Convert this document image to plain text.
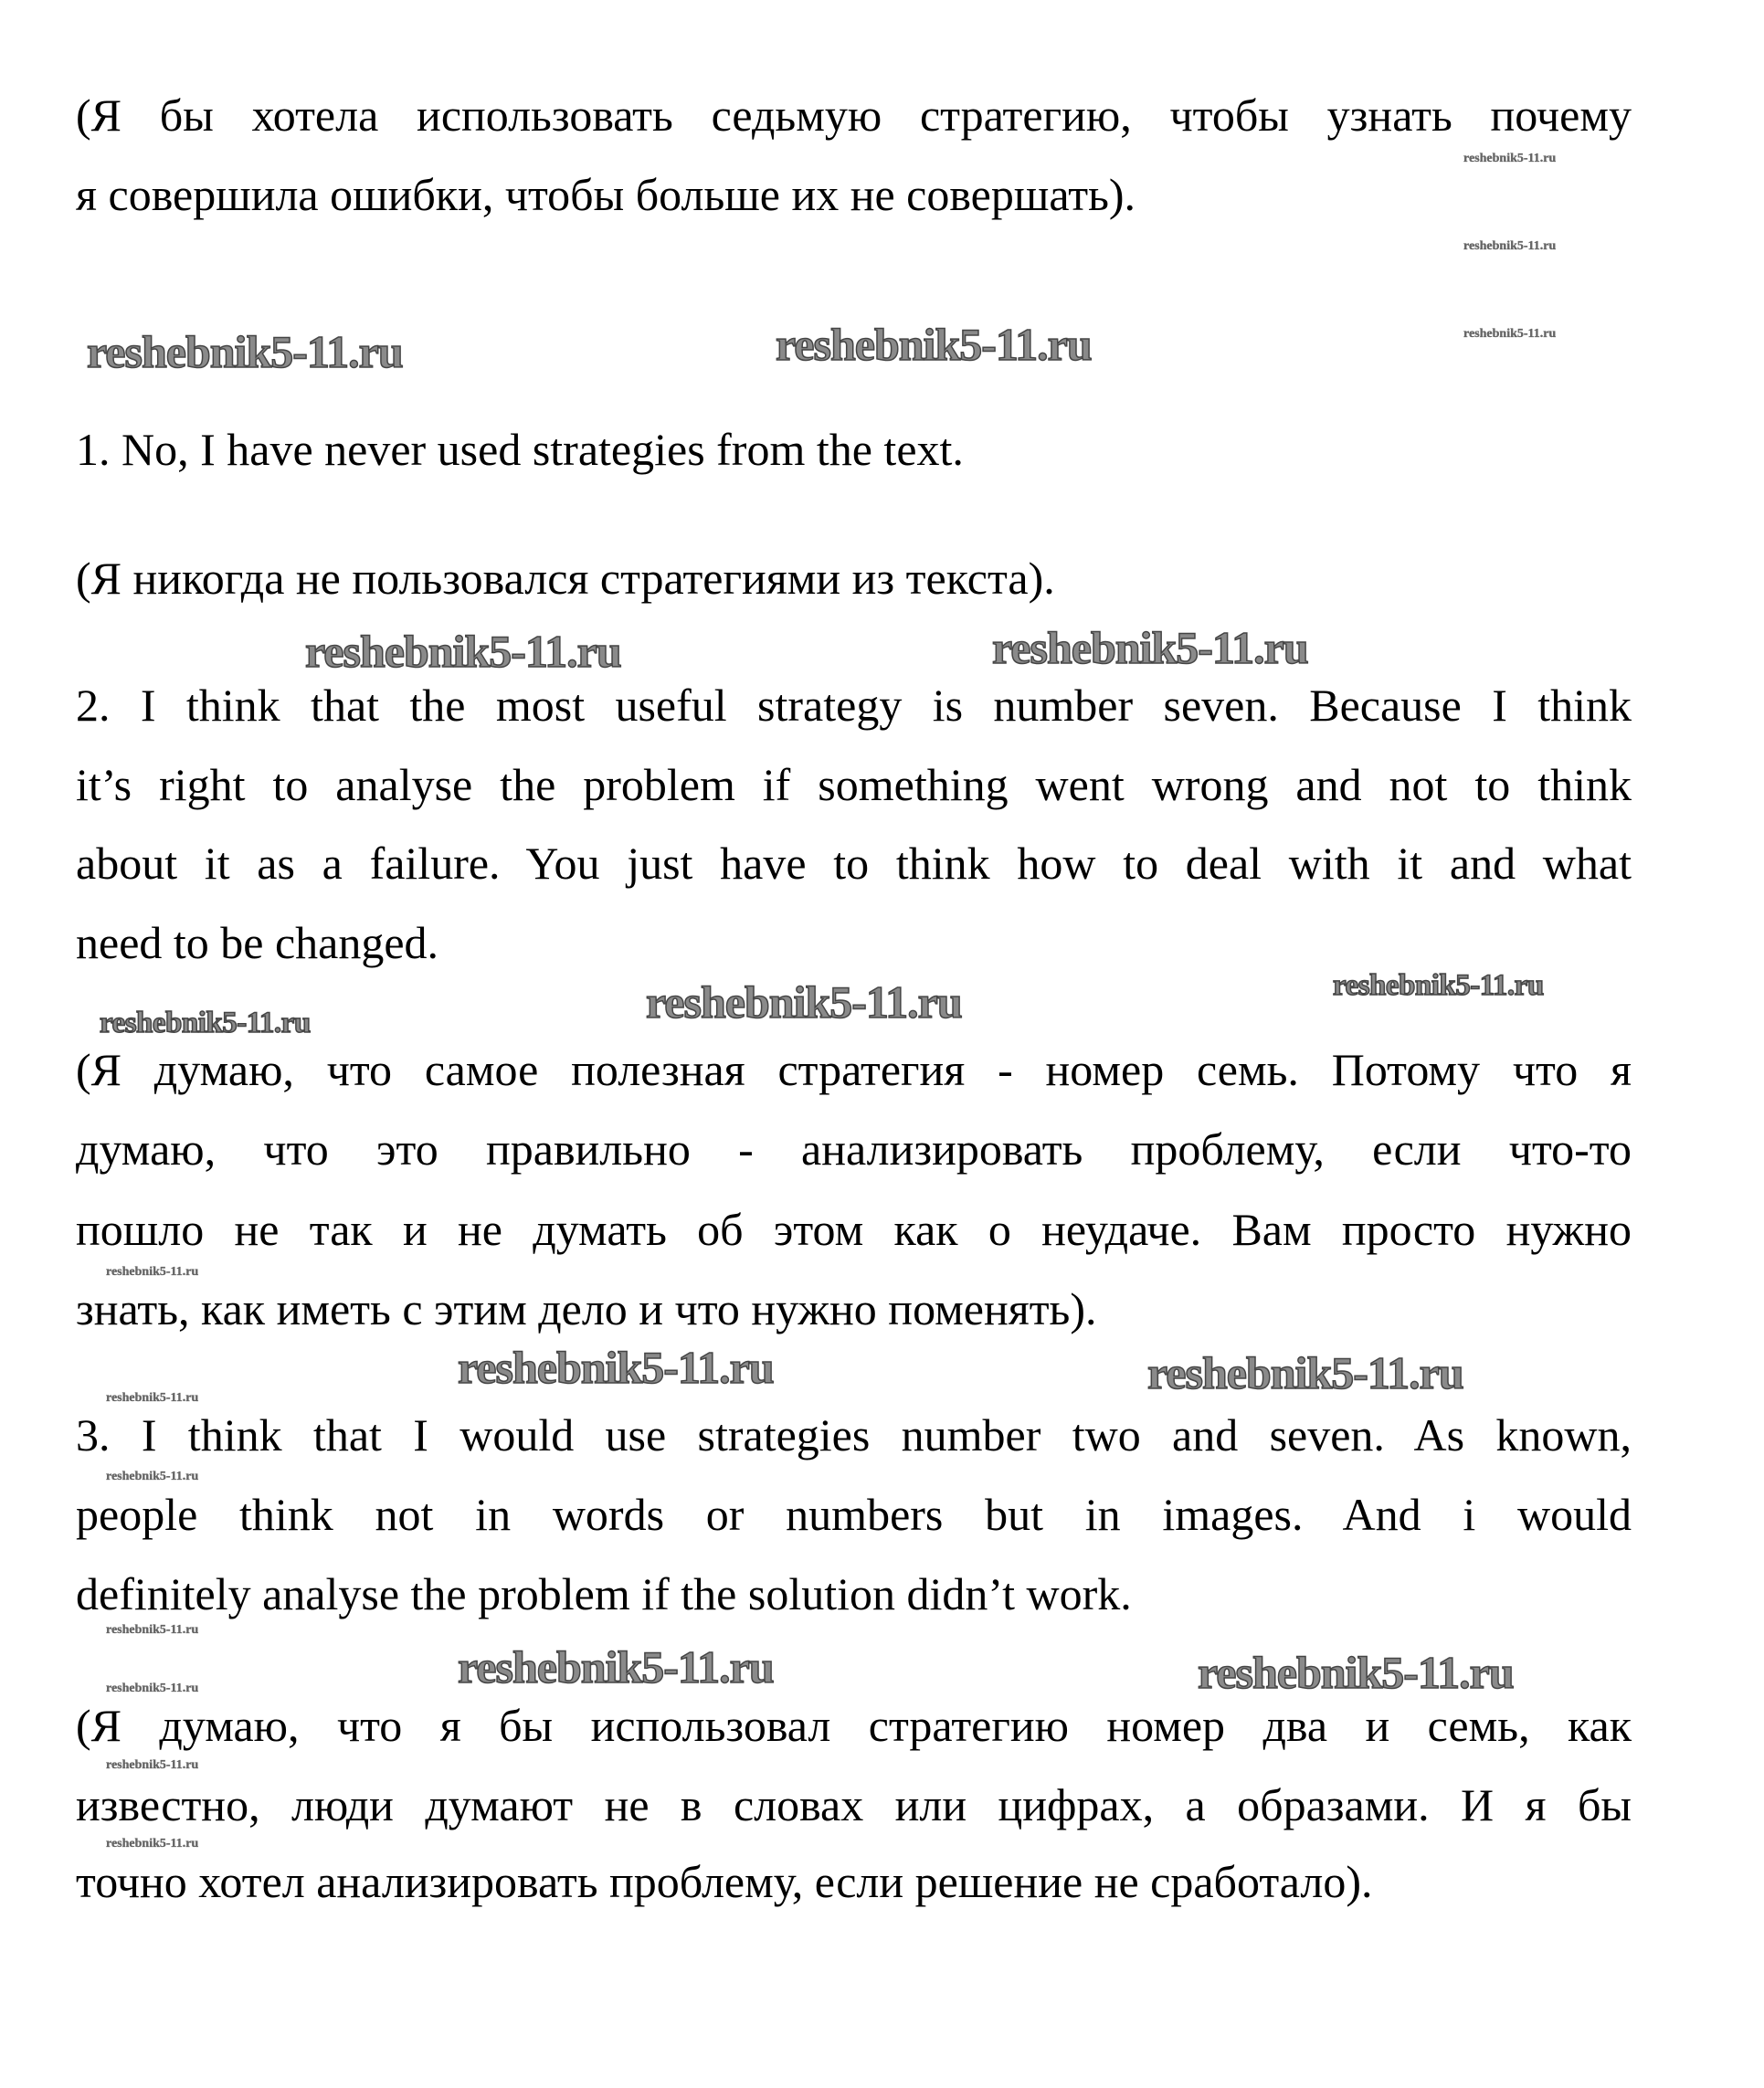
(Я бы хотела использовать седьмую стратегию, чтобы узнать почему
я совершила ошибки, чтобы больше их не совершать).
1. No, I have never used strategies from the text.
(Я никогда не пользовался стратегиями из текста).
2. I think that the most useful strategy is number seven. Because I think
it’s right to analyse the problem if something went wrong and not to think
about it as a failure. You just have to think how to deal with it and what
need to be changed.
(Я думаю, что самое полезная стратегия - номер семь. Потому что я
думаю, что это правильно - анализировать проблему, если что-то
пошло не так и не думать об этом как о неудаче. Вам просто нужно
знать, как иметь с этим дело и что нужно поменять).
3. I think that I would use strategies number two and seven. As known,
people think not in words or numbers but in images. And i would
definitely analyse the problem if the solution didn’t work.
(Я думаю, что я бы использовал стратегию номер два и семь, как
известно, люди думают не в словах или цифрах, а образами. И я бы
точно хотел анализировать проблему, если решение не сработало).
reshebnik5-11.ru	reshebnik5-11.ru
reshebnik5-11.ru	reshebnik5-11.ru
reshebnik5-11.ru
reshebnik5-11.ru
reshebnik5-11.ru
reshebnik5-11.ru	reshebnik5-11.ru
reshebnik5-11.ru	reshebnik5-11.ru
reshebnik5-11.ru
reshebnik5-11.ru
reshebnik5-11.ru
reshebnik5-11.ru
reshebnik5-11.ru
reshebnik5-11.ru
reshebnik5-11.ru
reshebnik5-11.ru
reshebnik5-11.ru
reshebnik5-11.ru
